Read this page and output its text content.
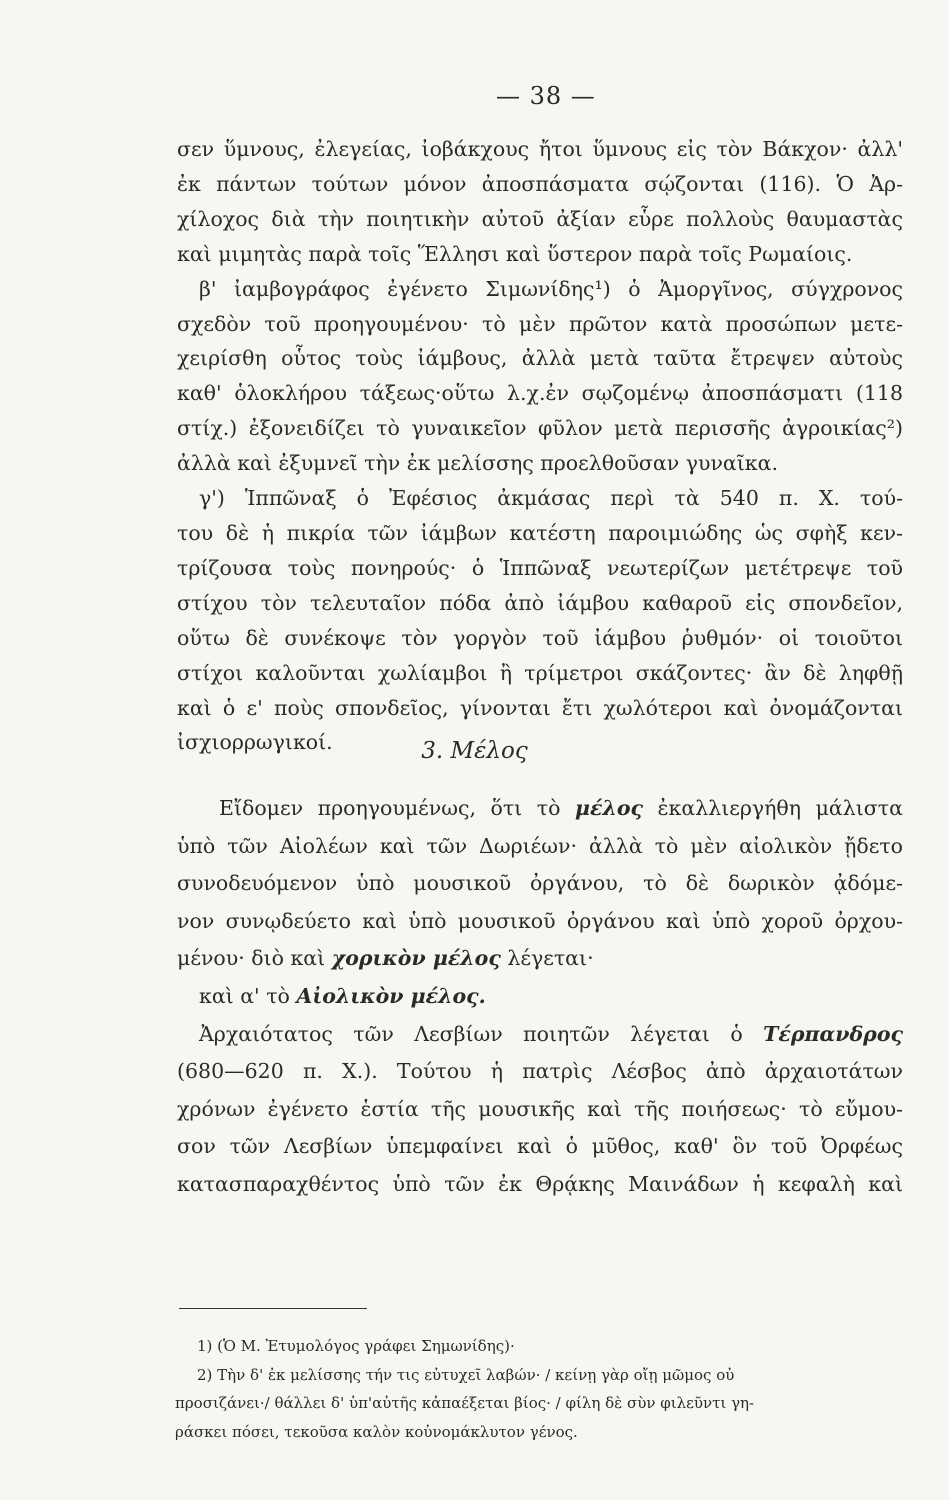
— 38 —
σεν ὕμνους, ἐλεγείας, ἰοβάκχους ἤτοι ὕμνους εἰς τὸν Βάκχον· ἀλλ'
ἐκ πάντων τούτων μόνον ἀποσπάσματα σῴζονται (116). Ὁ Ἀρ-
χίλοχος διὰ τὴν ποιητικὴν αὐτοῦ ἀξίαν εὗρε πολλοὺς θαυμαστὰς
καὶ μιμητὰς παρὰ τοῖς Ἕλλησι καὶ ὕστερον παρὰ τοῖς Ρωμαίοις.
β' ἰαμβογράφος ἐγένετο Σιμωνίδης¹) ὁ Ἀμοργῖνος, σύγχρονος
σχεδὸν τοῦ προηγουμένου· τὸ μὲν πρῶτον κατὰ προσώπων μετε-
χειρίσθη οὗτος τοὺς ἰάμβους, ἀλλὰ μετὰ ταῦτα ἔτρεψεν αὐτοὺς
καθ' ὁλοκλήρου τάξεως·οὕτω λ.χ.ἐν σῳζομένῳ ἀποσπάσματι (118
στίχ.) ἐξονειδίζει τὸ γυναικεῖον φῦλον μετὰ περισσῆς ἀγροικίας²)
ἀλλὰ καὶ ἐξυμνεῖ τὴν ἐκ μελίσσης προελθοῦσαν γυναῖκα.
γ') Ἱππῶναξ ὁ Ἐφέσιος ἀκμάσας περὶ τὰ 540 π. Χ. τού-
του δὲ ἡ πικρία τῶν ἰάμβων κατέστη παροιμιώδης ὡς σφὴξ κεν-
τρίζουσα τοὺς πονηρούς· ὁ Ἱππῶναξ νεωτερίζων μετέτρεψε τοῦ
στίχου τὸν τελευταῖον πόδα ἀπὸ ἰάμβου καθαροῦ εἰς σπονδεῖον,
οὕτω δὲ συνέκοψε τὸν γοργὸν τοῦ ἰάμβου ῥυθμόν· οἱ τοιοῦτοι
στίχοι καλοῦνται χωλίαμβοι ἢ τρίμετροι σκάζοντες· ἂν δὲ ληφθῇ
καὶ ὁ ε' ποὺς σπονδεῖος, γίνονται ἔτι χωλότεροι καὶ ὀνομάζονται
ἰσχιορρωγικοί.	3. Μέλος
Εἴδομεν προηγουμένως, ὅτι τὸ μέλος ἐκαλλιεργήθη μάλιστα
ὑπὸ τῶν Αἰολέων καὶ τῶν Δωριέων· ἀλλὰ τὸ μὲν αἰολικὸν ᾔδετο
συνοδευόμενον ὑπὸ μουσικοῦ ὀργάνου, τὸ δὲ δωρικὸν ᾀδόμε-
νον συνῳδεύετο καὶ ὑπὸ μουσικοῦ ὀργάνου καὶ ὑπὸ χοροῦ ὀρχου-
μένου· διὸ καὶ χορικὸν μέλος λέγεται·
καὶ α' τὸ Αἰολικὸν μέλος.
Ἀρχαιότατος τῶν Λεσβίων ποιητῶν λέγεται ὁ Τέρπανδρος
(680—620 π. Χ.). Τούτου ἡ πατρὶς Λέσβος ἀπὸ ἀρχαιοτάτων
χρόνων ἐγένετο ἑστία τῆς μουσικῆς καὶ τῆς ποιήσεως· τὸ εὔμου-
σον τῶν Λεσβίων ὑπεμφαίνει καὶ ὁ μῦθος, καθ' ὃν τοῦ Ὀρφέως
κατασπαραχθέντος ὑπὸ τῶν ἐκ Θρᾴκης Μαινάδων ἡ κεφαλὴ καὶ
1) (Ὁ Μ. Ἐτυμολόγος γράφει Σημωνίδης)·
2) Τὴν δ' ἐκ μελίσσης τήν τις εὐτυχεῖ λαβών· / κείνῃ γὰρ οἴῃ μῶμος οὐ
προσιζάνει·/ θάλλει δ' ὑπ'αὐτῆς κἀπαέξεται βίος· / φίλη δὲ σὺν φιλεῦντι γη-
ράσκει πόσει, τεκοῦσα καλὸν κοὐνομάκλυτον γένος.
